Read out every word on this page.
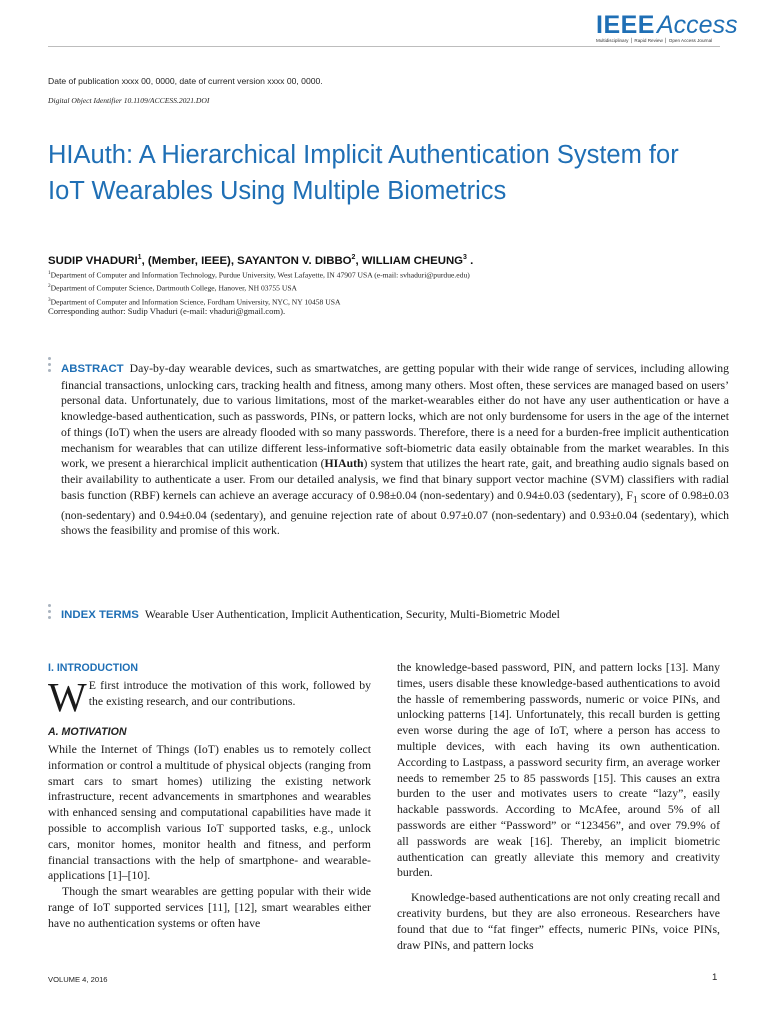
IEEEAccess
Multidisciplinary ⎪ Rapid Review ⎪ Open Access Journal
Date of publication xxxx 00, 0000, date of current version xxxx 00, 0000.
Digital Object Identifier 10.1109/ACCESS.2021.DOI
HIAuth: A Hierarchical Implicit Authentication System for IoT Wearables Using Multiple Biometrics
SUDIP VHADURI$^1$, (Member, IEEE), SAYANTON V. DIBBO$^2$, WILLIAM CHEUNG$^3$ .
$^1$Department of Computer and Information Technology, Purdue University, West Lafayette, IN 47907 USA (e-mail: svhaduri@purdue.edu)
$^2$Department of Computer Science, Dartmouth College, Hanover, NH 03755 USA
$^3$Department of Computer and Information Science, Fordham University, NYC, NY 10458 USA
Corresponding author: Sudip Vhaduri (e-mail: vhaduri@gmail.com).

ABSTRACT Day-by-day wearable devices, such as smartwatches, are getting popular with their wide range of services, including allowing financial transactions, unlocking cars, tracking health and fitness, among many others. Most often, these services are managed based on users’ personal data. Unfortunately, due to various limitations, most of the market-wearables either do not have any user authentication or have a knowledge-based authentication, such as passwords, PINs, or pattern locks, which are not only burdensome for users in the age of the internet of things (IoT) when the users are already flooded with so many passwords. Therefore, there is a need for a burden-free implicit authentication mechanism for wearables that can utilize different less-informative soft-biometric data easily obtainable from the market wearables. In this work, we present a hierarchical implicit authentication (HIAuth) system that utilizes the heart rate, gait, and breathing audio signals based on their availability to authenticate a user. From our detailed analysis, we find that binary support vector machine (SVM) classifiers with radial basis function (RBF) kernels can achieve an average accuracy of 0.98±0.04 (non-sedentary) and 0.94±0.03 (sedentary), $F_1$ score of 0.98±0.03 (non-sedentary) and 0.94±0.04 (sedentary), and genuine rejection rate of about 0.97±0.07 (non-sedentary) and 0.93±0.04 (sedentary), which shows the feasibility and promise of this work.

INDEX TERMS Wearable User Authentication, Implicit Authentication, Security, Multi-Biometric Model
I. INTRODUCTION

W E first introduce the motivation of this work, followed by the existing research, and our contributions.

A. MOTIVATION

While the Internet of Things (IoT) enables us to remotely collect information or control a multitude of physical objects (ranging from smart cars to smart homes) utilizing the existing network infrastructure, recent advancements in smartphones and wearables with enhanced sensing and computational capabilities have made it possible to accomplish various IoT supported tasks, e.g., unlock cars, monitor homes, monitor health and fitness, and perform financial transactions with the help of smartphone- and wearable-applications [1]–[10].

Though the smart wearables are getting popular with their wide range of IoT supported services [11], [12], smart wearables either have no authentication systems or often have

the knowledge-based password, PIN, and pattern locks [13]. Many times, users disable these knowledge-based authentications to avoid the hassle of remembering passwords, numeric or voice PINs, and unlocking patterns [14]. Unfortunately, this recall burden is getting even worse during the age of IoT, where a person has access to multiple devices, with each having its own authentication. According to Lastpass, a password security firm, an average worker needs to remember 25 to 85 passwords [15]. This causes an extra burden to the user and motivates users to create “lazy”, easily hackable passwords. According to McAfee, around 5% of all passwords are either “Password” or “123456”, and over 79.9% of all passwords are weak [16]. Thereby, an implicit biometric authentication can greatly alleviate this memory and creativity burden.

Knowledge-based authentications are not only creating recall and creativity burdens, but they are also erroneous. Researchers have found that due to “fat finger” effects, numeric PINs, voice PINs, draw PINs, and pattern locks

VOLUME 4, 2016	1
